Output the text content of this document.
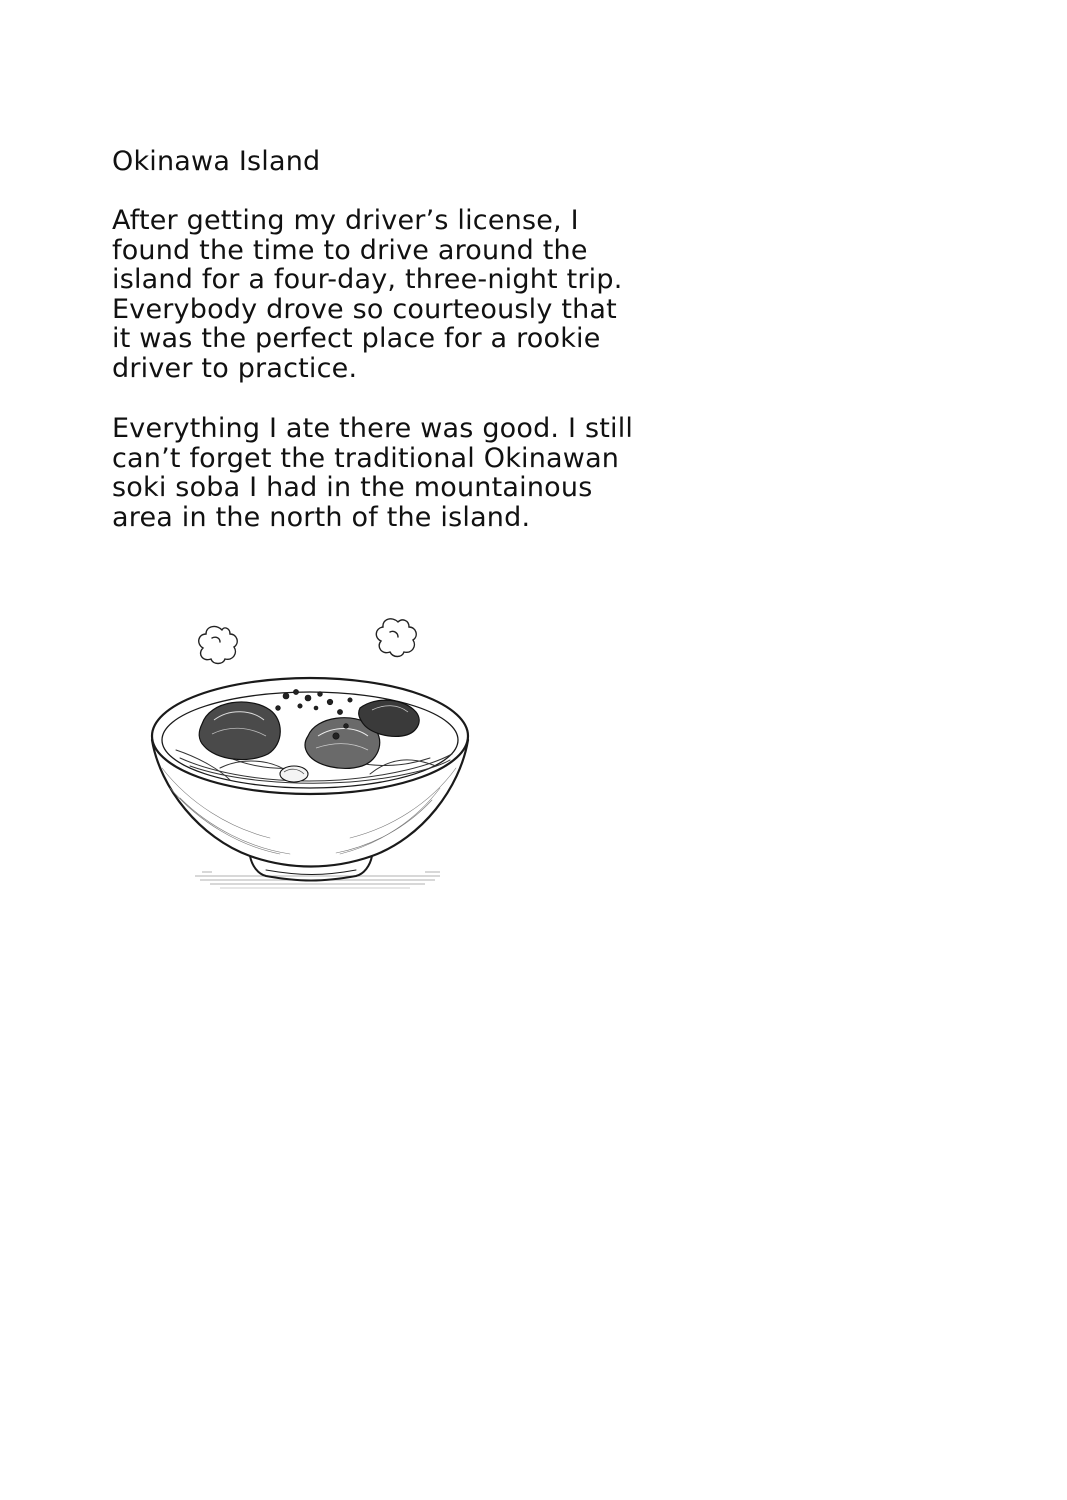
Okinawa Island

After getting my driver’s license, I
found the time to drive around the
island for a four-day, three-night trip.
Everybody drove so courteously that
it was the perfect place for a rookie
driver to practice.

Everything I ate there was good. I still
can’t forget the traditional Okinawan
soki soba I had in the mountainous
area in the north of the island.
